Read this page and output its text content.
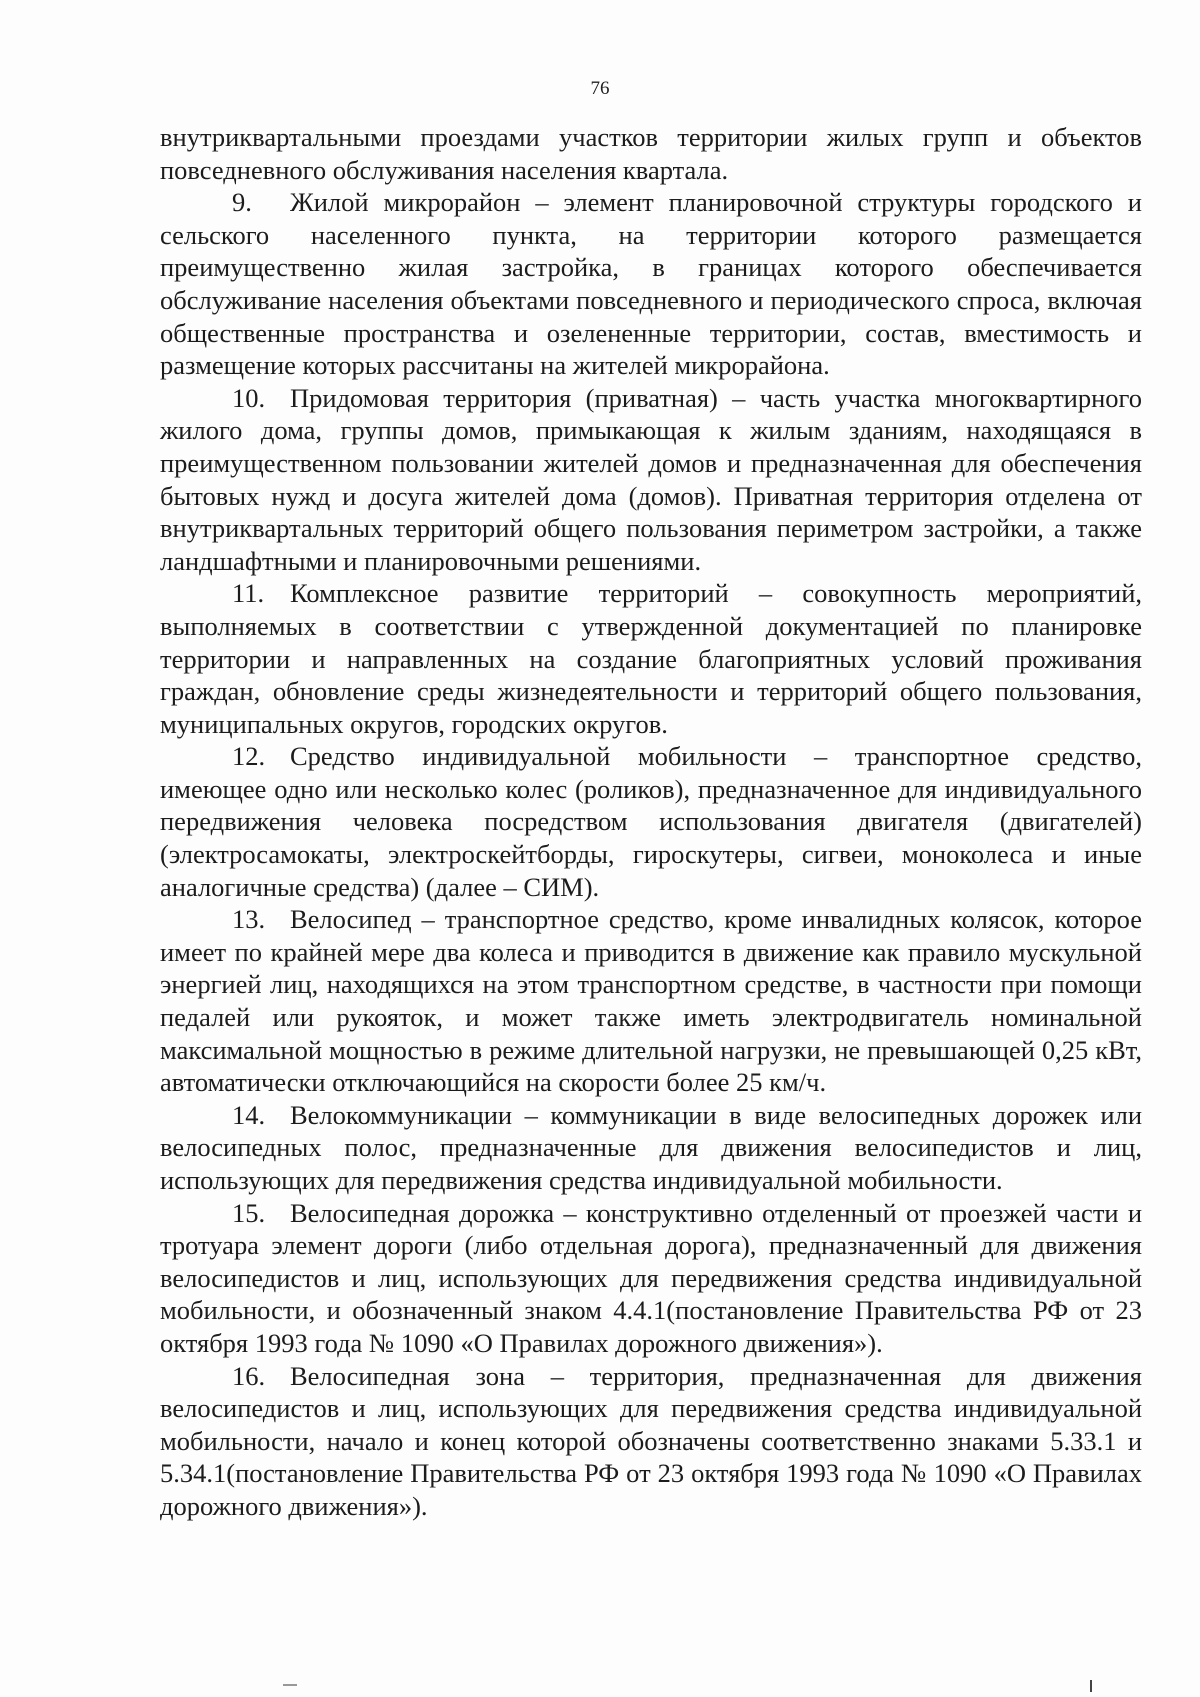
76

внутриквартальными проездами участков территории жилых групп и объектов повседневного обслуживания населения квартала.

9. Жилой микрорайон – элемент планировочной структуры городского и сельского населенного пункта, на территории которого размещается преимущественно жилая застройка, в границах которого обеспечивается обслуживание населения объектами повседневного и периодического спроса, включая общественные пространства и озелененные территории, состав, вместимость и размещение которых рассчитаны на жителей микрорайона.

10. Придомовая территория (приватная) – часть участка многоквартирного жилого дома, группы домов, примыкающая к жилым зданиям, находящаяся в преимущественном пользовании жителей домов и предназначенная для обеспечения бытовых нужд и досуга жителей дома (домов). Приватная территория отделена от внутриквартальных территорий общего пользования периметром застройки, а также ландшафтными и планировочными решениями.

11. Комплексное развитие территорий – совокупность мероприятий, выполняемых в соответствии с утвержденной документацией по планировке территории и направленных на создание благоприятных условий проживания граждан, обновление среды жизнедеятельности и территорий общего пользования, муниципальных округов, городских округов.

12. Средство индивидуальной мобильности – транспортное средство, имеющее одно или несколько колес (роликов), предназначенное для индивидуального передвижения человека посредством использования двигателя (двигателей) (электросамокаты, электроскейтборды, гироскутеры, сигвеи, моноколеса и иные аналогичные средства) (далее – СИМ).

13. Велосипед – транспортное средство, кроме инвалидных колясок, которое имеет по крайней мере два колеса и приводится в движение как правило мускульной энергией лиц, находящихся на этом транспортном средстве, в частности при помощи педалей или рукояток, и может также иметь электродвигатель номинальной максимальной мощностью в режиме длительной нагрузки, не превышающей 0,25 кВт, автоматически отключающийся на скорости более 25 км/ч.

14. Велокоммуникации – коммуникации в виде велосипедных дорожек или велосипедных полос, предназначенные для движения велосипедистов и лиц, использующих для передвижения средства индивидуальной мобильности.

15. Велосипедная дорожка – конструктивно отделенный от проезжей части и тротуара элемент дороги (либо отдельная дорога), предназначенный для движения велосипедистов и лиц, использующих для передвижения средства индивидуальной мобильности, и обозначенный знаком 4.4.1(постановление Правительства РФ от 23 октября 1993 года № 1090 «О Правилах дорожного движения»).

16. Велосипедная зона – территория, предназначенная для движения велосипедистов и лиц, использующих для передвижения средства индивидуальной мобильности, начало и конец которой обозначены соответственно знаками 5.33.1 и 5.34.1(постановление Правительства РФ от 23 октября 1993 года № 1090 «О Правилах дорожного движения»).
